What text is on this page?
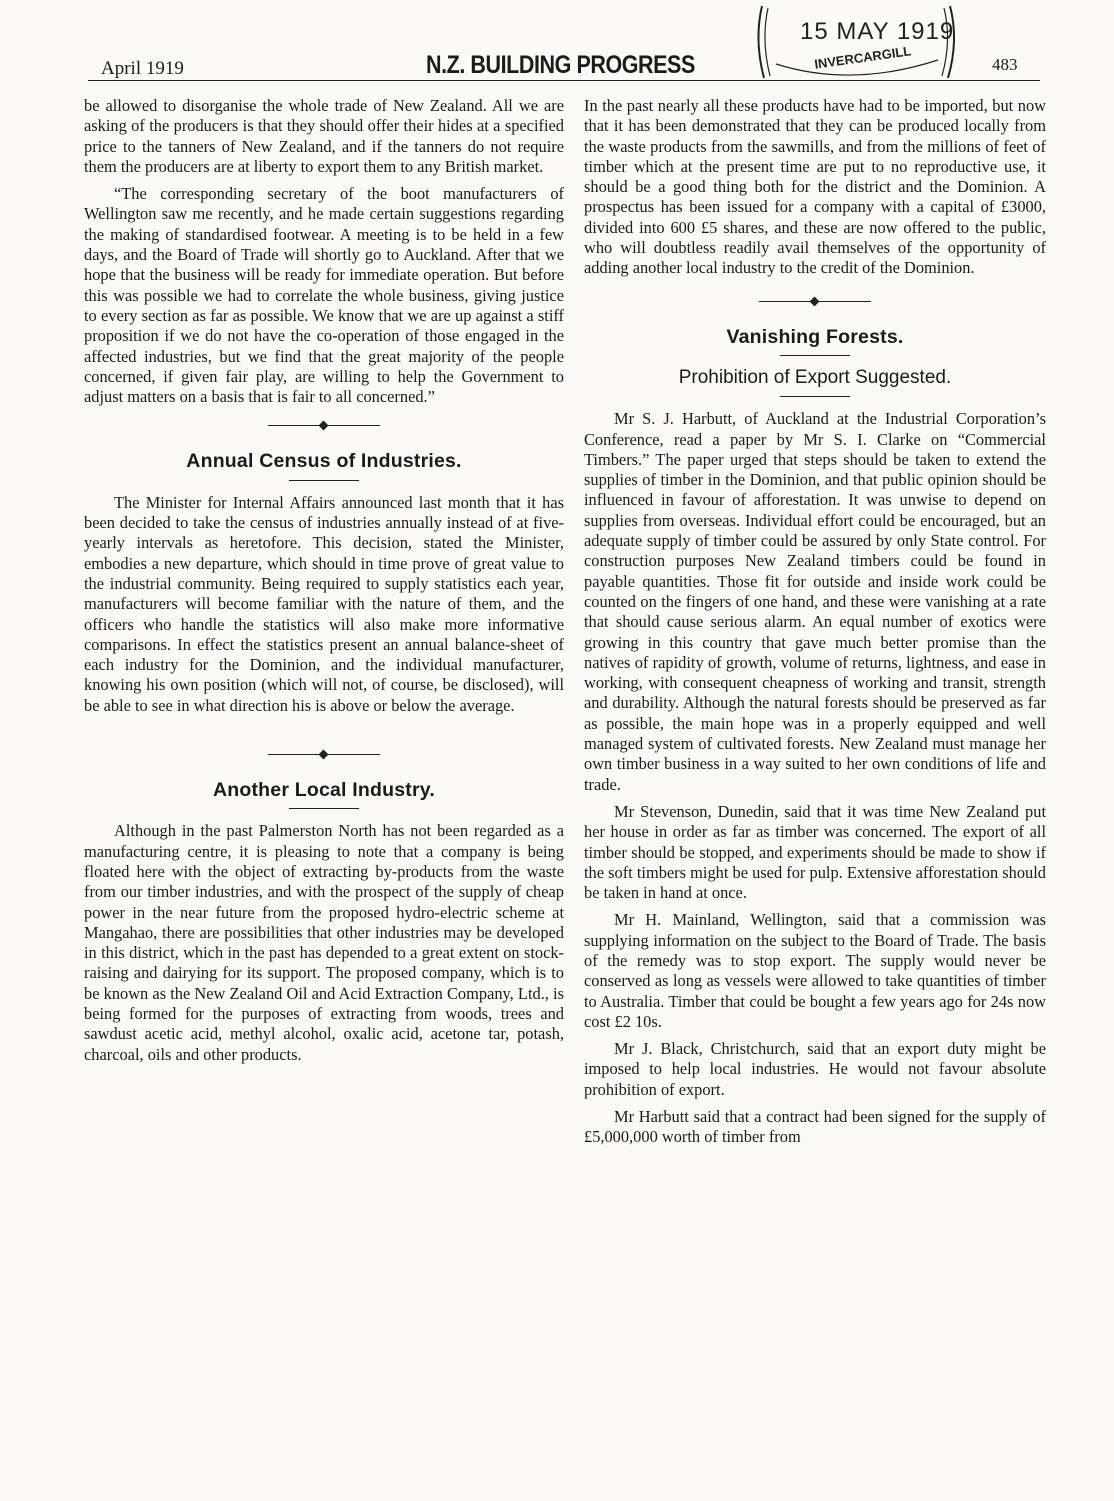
April 1919	N.Z. BUILDING PROGRESS	483
15 MAY 1919
INVERCARGILL

be allowed to disorganise the whole trade of New Zealand. All we are asking of the producers is that they should offer their hides at a specified price to the tanners of New Zealand, and if the tanners do not require them the producers are at liberty to export them to any British market.

“The corresponding secretary of the boot manufacturers of Wellington saw me recently, and he made certain suggestions regarding the making of standardised footwear. A meeting is to be held in a few days, and the Board of Trade will shortly go to Auckland. After that we hope that the business will be ready for immediate operation. But before this was possible we had to correlate the whole business, giving justice to every section as far as possible. We know that we are up against a stiff proposition if we do not have the co-operation of those engaged in the affected industries, but we find that the great majority of the people concerned, if given fair play, are willing to help the Government to adjust matters on a basis that is fair to all concerned.”

Annual Census of Industries.

The Minister for Internal Affairs announced last month that it has been decided to take the census of industries annually instead of at five-yearly intervals as heretofore. This decision, stated the Minister, embodies a new departure, which should in time prove of great value to the industrial community. Being required to supply statistics each year, manufacturers will become familiar with the nature of them, and the officers who handle the statistics will also make more informative comparisons. In effect the statistics present an annual balance-sheet of each industry for the Dominion, and the individual manufacturer, knowing his own position (which will not, of course, be disclosed), will be able to see in what direction his is above or below the average.

Another Local Industry.

Although in the past Palmerston North has not been regarded as a manufacturing centre, it is pleasing to note that a company is being floated here with the object of extracting by-products from the waste from our timber industries, and with the prospect of the supply of cheap power in the near future from the proposed hydro-electric scheme at Mangahao, there are possibilities that other industries may be developed in this district, which in the past has depended to a great extent on stock-raising and dairying for its support. The proposed company, which is to be known as the New Zealand Oil and Acid Extraction Company, Ltd., is being formed for the purposes of extracting from woods, trees and sawdust acetic acid, methyl alcohol, oxalic acid, acetone tar, potash, charcoal, oils and other products.

In the past nearly all these products have had to be imported, but now that it has been demonstrated that they can be produced locally from the waste products from the sawmills, and from the millions of feet of timber which at the present time are put to no reproductive use, it should be a good thing both for the district and the Dominion. A prospectus has been issued for a company with a capital of £3000, divided into 600 £5 shares, and these are now offered to the public, who will doubtless readily avail themselves of the opportunity of adding another local industry to the credit of the Dominion.

Vanishing Forests.
Prohibition of Export Suggested.

Mr S. J. Harbutt, of Auckland at the Industrial Corporation’s Conference, read a paper by Mr S. I. Clarke on “Commercial Timbers.” The paper urged that steps should be taken to extend the supplies of timber in the Dominion, and that public opinion should be influenced in favour of afforestation. It was unwise to depend on supplies from overseas. Individual effort could be encouraged, but an adequate supply of timber could be assured by only State control. For construction purposes New Zealand timbers could be found in payable quantities. Those fit for outside and inside work could be counted on the fingers of one hand, and these were vanishing at a rate that should cause serious alarm. An equal number of exotics were growing in this country that gave much better promise than the natives of rapidity of growth, volume of returns, lightness, and ease in working, with consequent cheapness of working and transit, strength and durability. Although the natural forests should be preserved as far as possible, the main hope was in a properly equipped and well managed system of cultivated forests. New Zealand must manage her own timber business in a way suited to her own conditions of life and trade.

Mr Stevenson, Dunedin, said that it was time New Zealand put her house in order as far as timber was concerned. The export of all timber should be stopped, and experiments should be made to show if the soft timbers might be used for pulp. Extensive afforestation should be taken in hand at once.

Mr H. Mainland, Wellington, said that a commission was supplying information on the subject to the Board of Trade. The basis of the remedy was to stop export. The supply would never be conserved as long as vessels were allowed to take quantities of timber to Australia. Timber that could be bought a few years ago for 24s now cost £2 10s.

Mr J. Black, Christchurch, said that an export duty might be imposed to help local industries. He would not favour absolute prohibition of export.

Mr Harbutt said that a contract had been signed for the supply of £5,000,000 worth of timber from
